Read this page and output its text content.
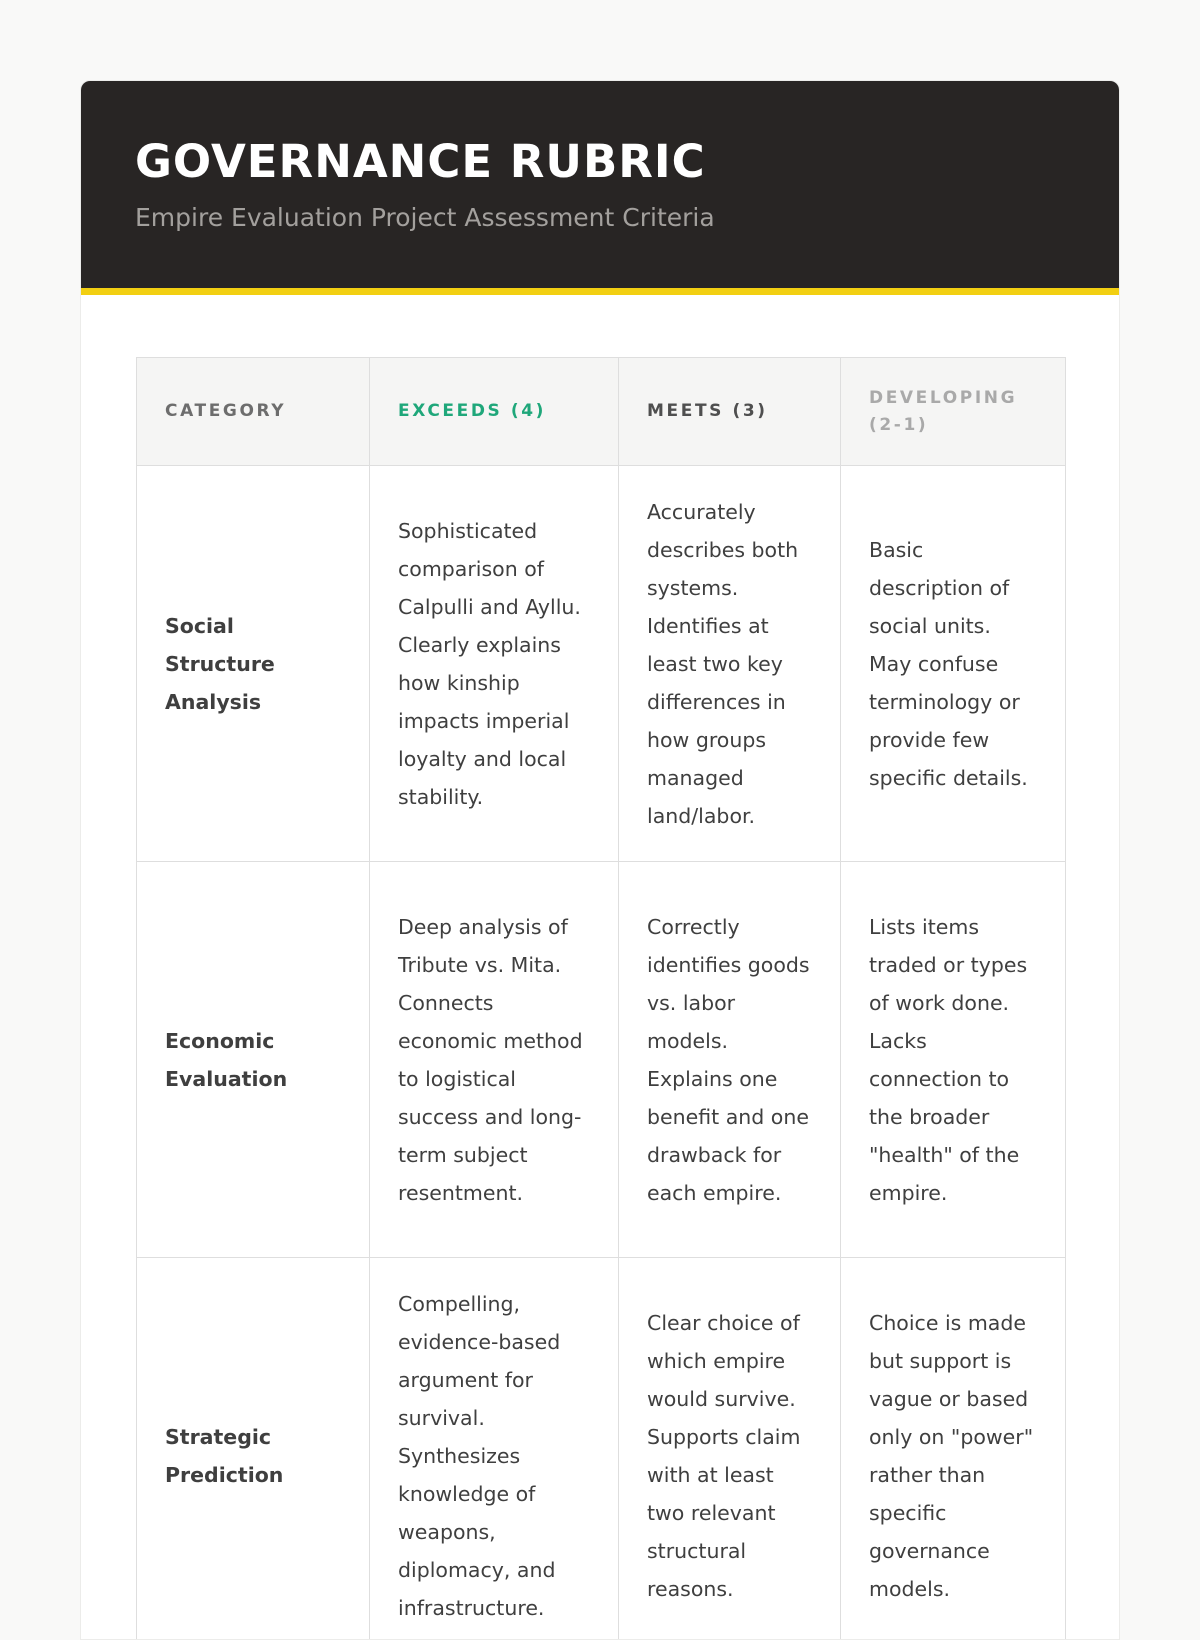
GOVERNANCE RUBRIC

Empire Evaluation Project Assessment Criteria

CATEGORY	EXCEEDS (4)	MEETS (3)	DEVELOPING (2-1)
Social Structure Analysis	Sophisticated comparison of Calpulli and Ayllu. Clearly explains how kinship impacts imperial loyalty and local stability.	Accurately describes both systems. Identifies at least two key differences in how groups managed land/labor.	Basic description of social units. May confuse terminology or provide few specific details.
Economic Evaluation	Deep analysis of Tribute vs. Mita. Connects economic method to logistical success and long-term subject resentment.	Correctly identifies goods vs. labor models. Explains one benefit and one drawback for each empire.	Lists items traded or types of work done. Lacks connection to the broader "health" of the empire.
Strategic Prediction	Compelling, evidence-based argument for survival. Synthesizes knowledge of weapons, diplomacy, and infrastructure.	Clear choice of which empire would survive. Supports claim with at least two relevant structural reasons.	Choice is made but support is vague or based only on "power" rather than specific governance models.
